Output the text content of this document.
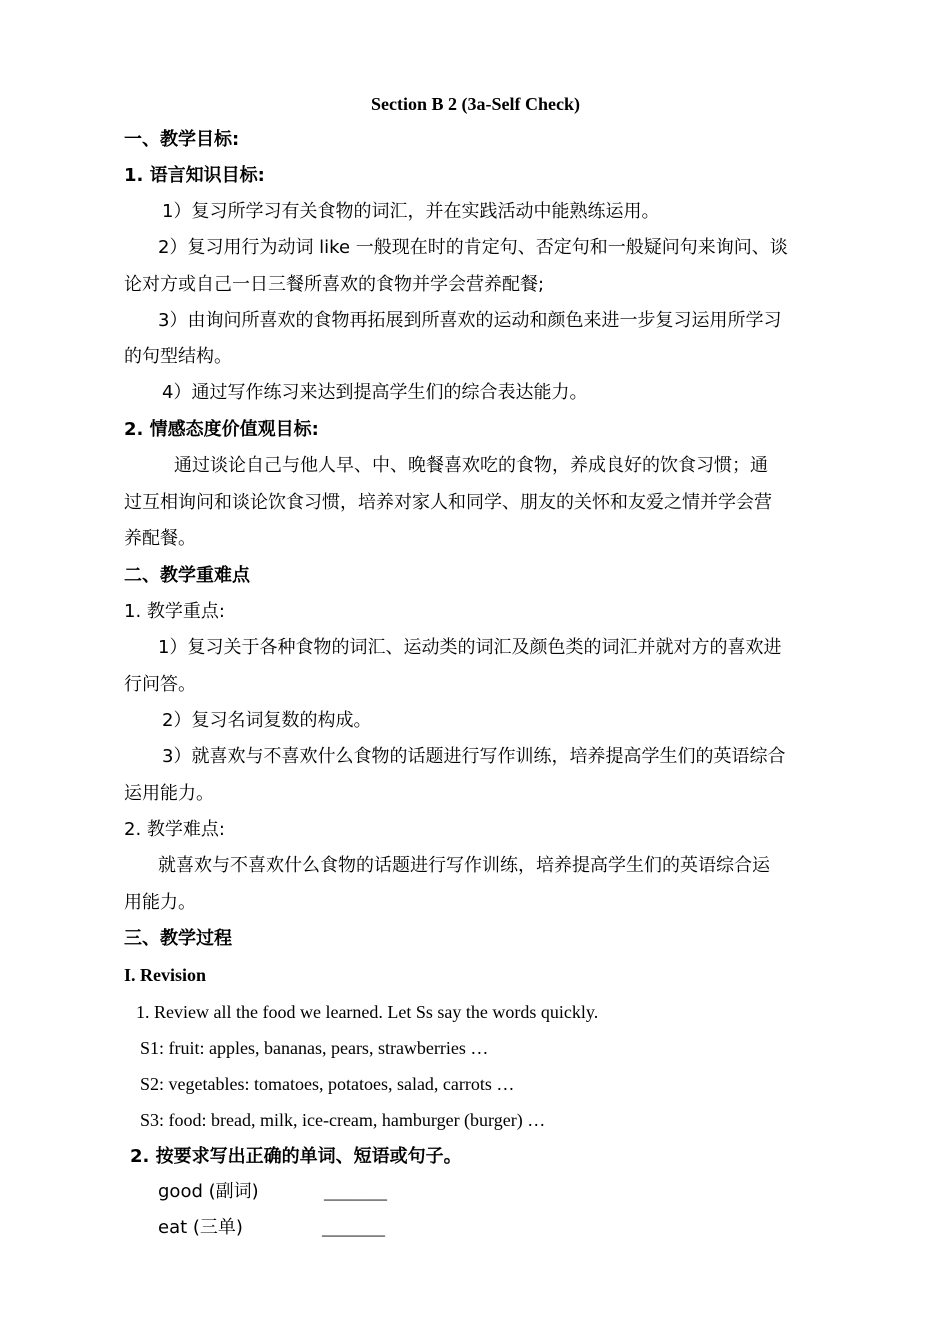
Section B 2 (3a-Self Check)
一、教学目标:
1. 语言知识目标:
1）复习所学习有关食物的词汇，并在实践活动中能熟练运用。
2）复习用行为动词 like 一般现在时的肯定句、否定句和一般疑问句来询问、谈
论对方或自己一日三餐所喜欢的食物并学会营养配餐;
3）由询问所喜欢的食物再拓展到所喜欢的运动和颜色来进一步复习运用所学习
的句型结构。
4）通过写作练习来达到提高学生们的综合表达能力。
2. 情感态度价值观目标:
通过谈论自己与他人早、中、晚餐喜欢吃的食物，养成良好的饮食习惯；通
过互相询问和谈论饮食习惯，培养对家人和同学、朋友的关怀和友爱之情并学会营
养配餐。
二、教学重难点
1. 教学重点:
1）复习关于各种食物的词汇、运动类的词汇及颜色类的词汇并就对方的喜欢进
行问答。
2）复习名词复数的构成。
3）就喜欢与不喜欢什么食物的话题进行写作训练，培养提高学生们的英语综合
运用能力。
2. 教学难点:
就喜欢与不喜欢什么食物的话题进行写作训练，培养提高学生们的英语综合运
用能力。
三、教学过程
I. Revision
1. Review all the food we learned. Let Ss say the words quickly.
S1: fruit: apples, bananas, pears, strawberries …
S2: vegetables: tomatoes, potatoes, salad, carrots …
S3: food: bread, milk, ice-cream, hamburger (burger) …
2. 按要求写出正确的单词、短语或句子。
good (副词)	_______
eat (三单)	_______
